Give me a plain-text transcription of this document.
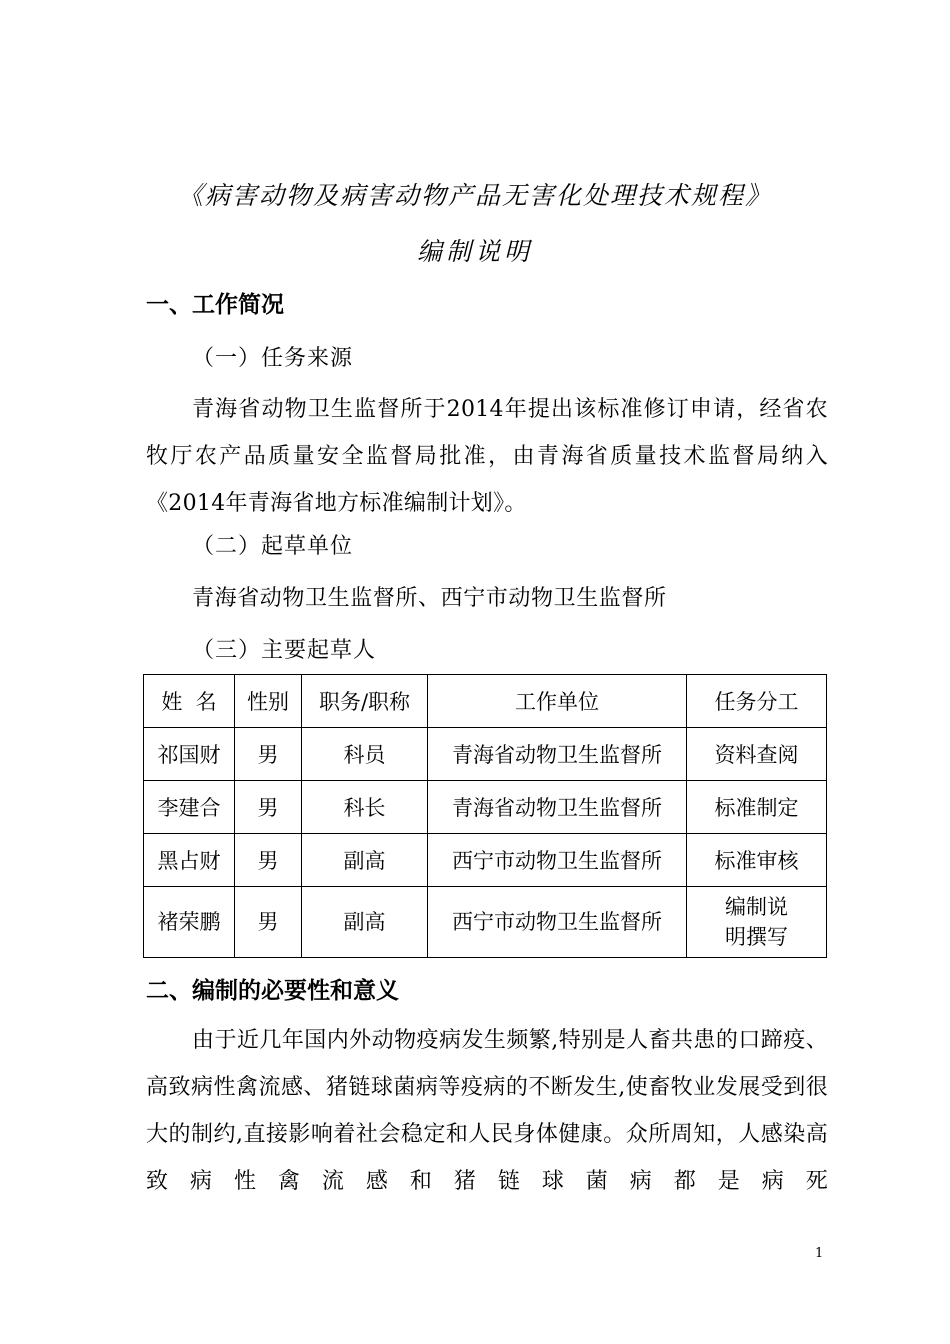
《病害动物及病害动物产品无害化处理技术规程》
编制说明
一、工作简况
（一）任务来源
青海省动物卫生监督所于2014年提出该标准修订申请，经省农牧厅农产品质量安全监督局批准，由青海省质量技术监督局纳入《2014年青海省地方标准编制计划》。
（二）起草单位
青海省动物卫生监督所、西宁市动物卫生监督所
（三）主要起草人
姓  名	性别	职务/职称	工作单位	任务分工
祁国财	男	科员	青海省动物卫生监督所	资料查阅
李建合	男	科长	青海省动物卫生监督所	标准制定
黑占财	男	副高	西宁市动物卫生监督所	标准审核
褚荣鹏	男	副高	西宁市动物卫生监督所	编制说明撰写
二、编制的必要性和意义
由于近几年国内外动物疫病发生频繁,特别是人畜共患的口蹄疫、高致病性禽流感、猪链球菌病等疫病的不断发生,使畜牧业发展受到很大的制约,直接影响着社会稳定和人民身体健康。众所周知，人感染高致病性禽流感和猪链球菌病都是病死
1
